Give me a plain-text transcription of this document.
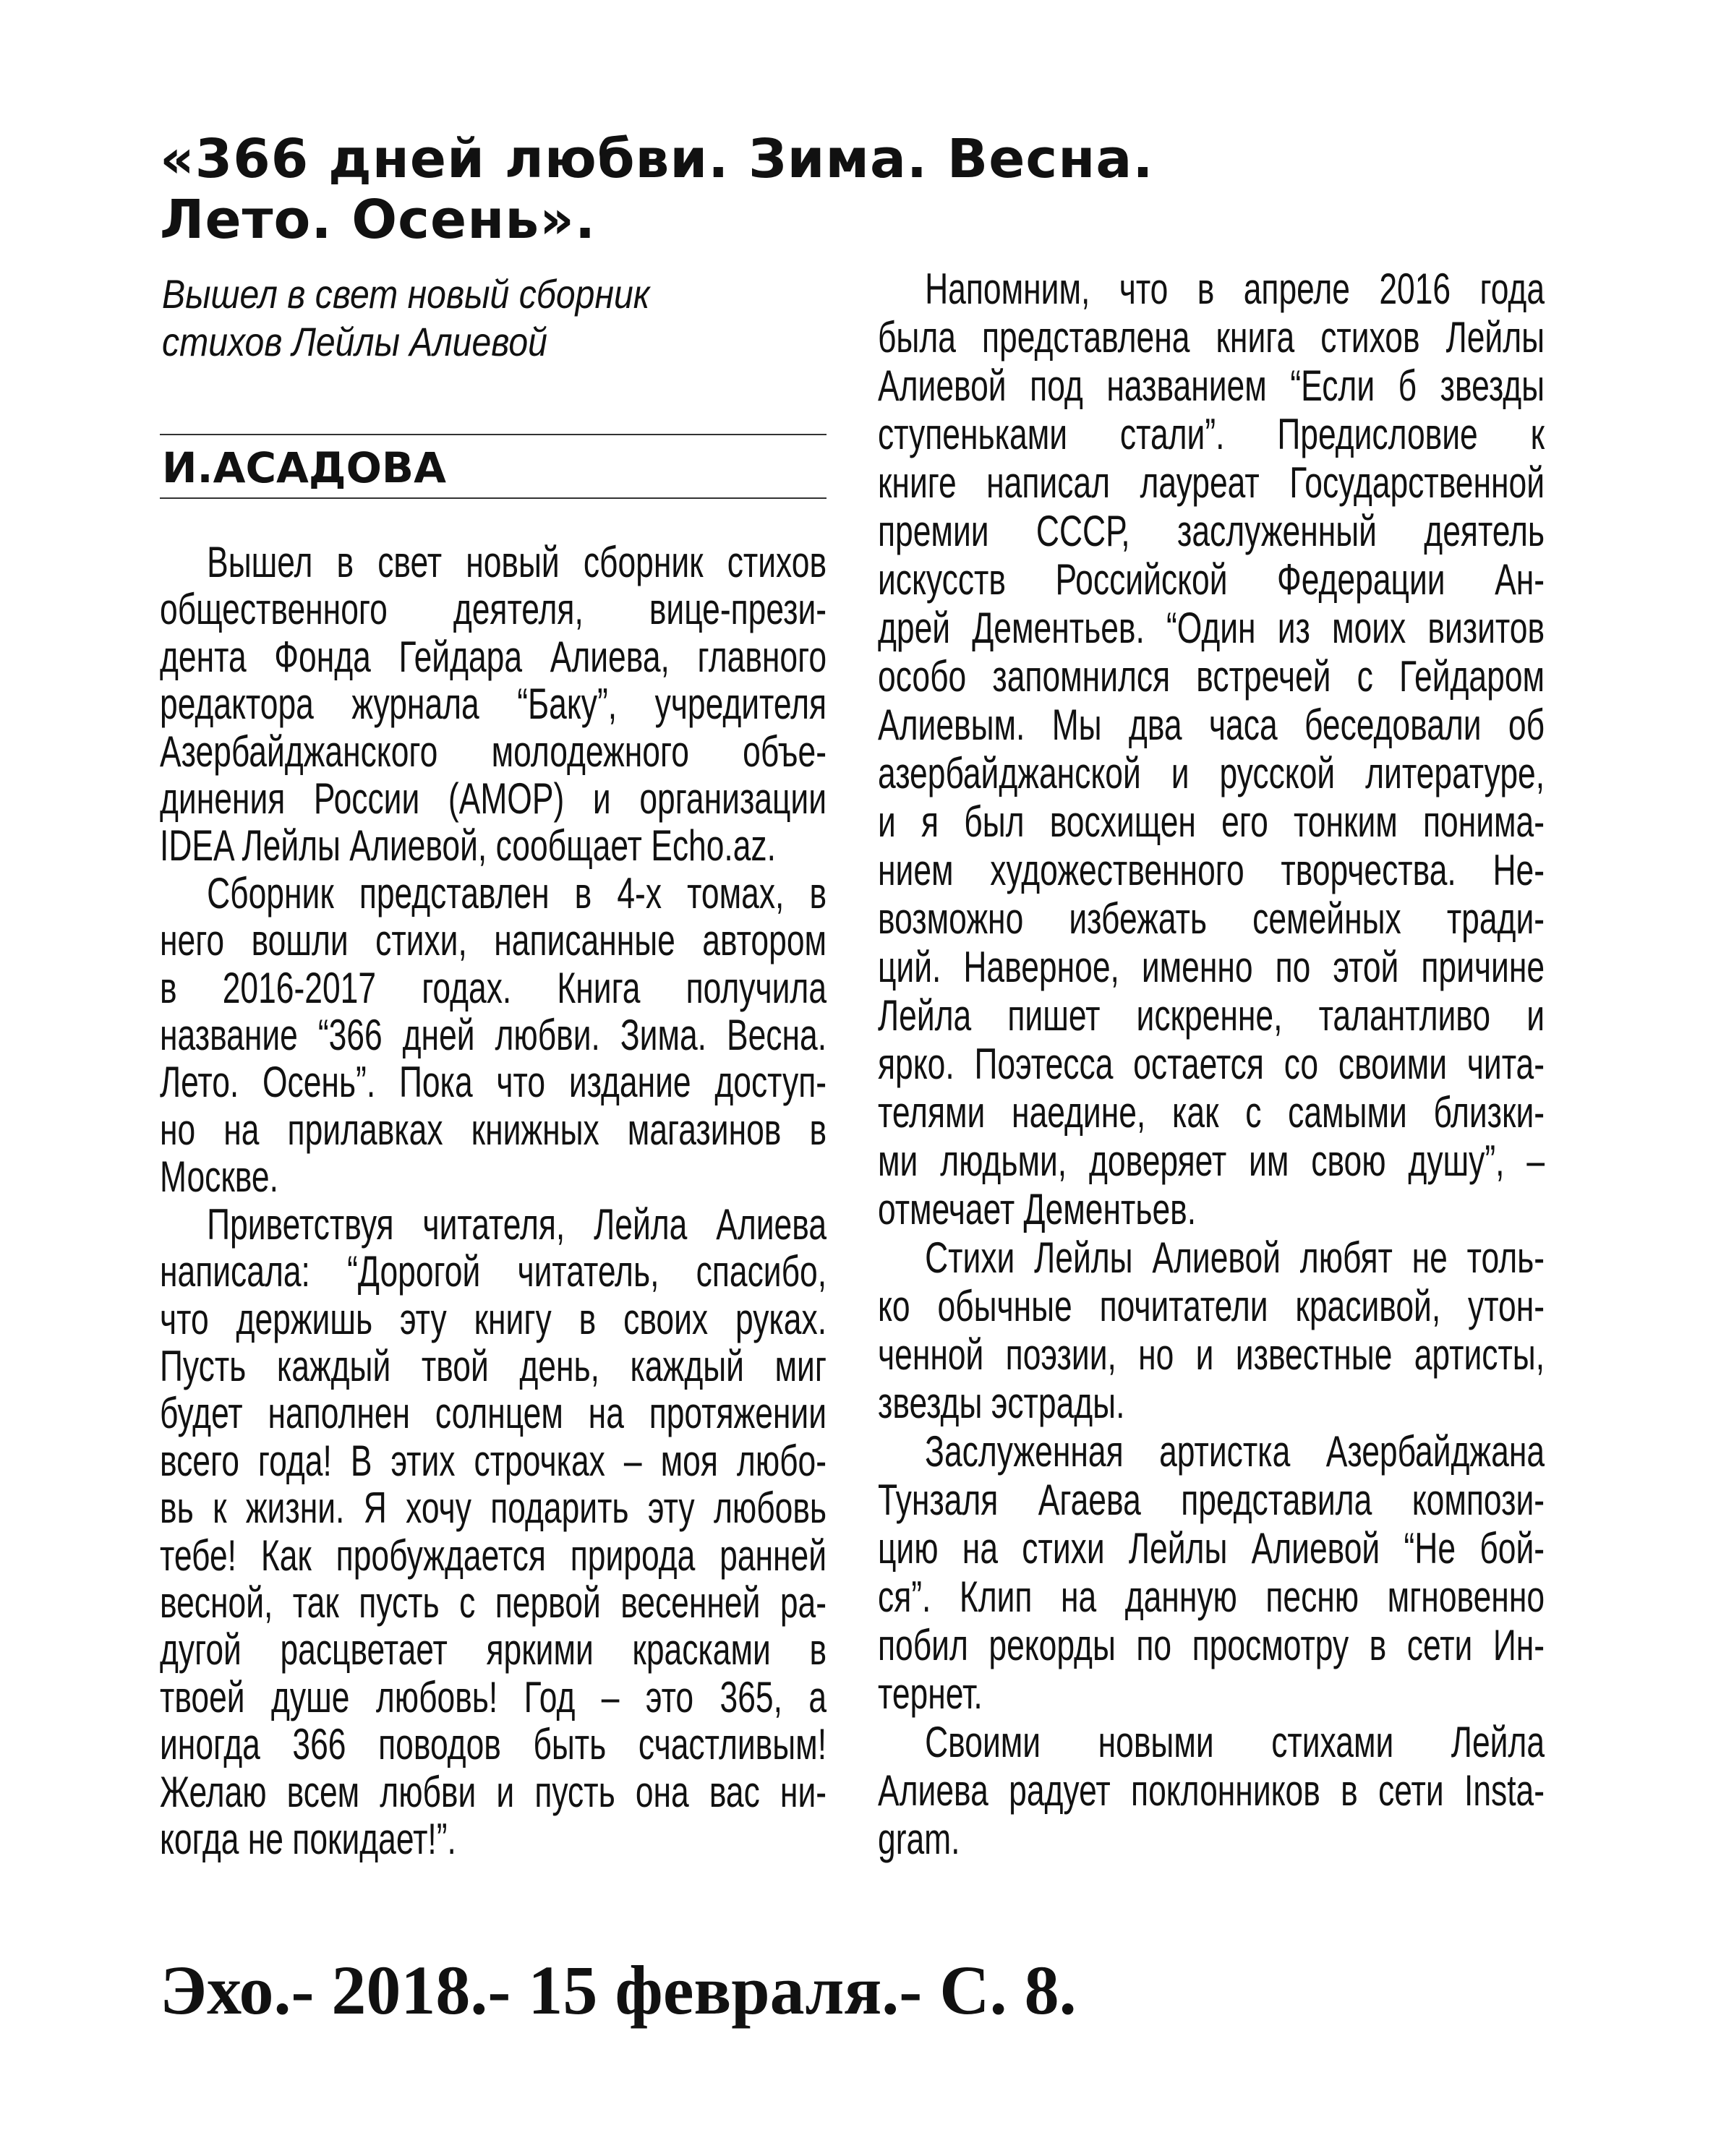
«366 дней любви. Зима. Весна.
Лето. Осень».
Вышел в свет новый сборник
стихов Лейлы Алиевой
И.АСАДОВА
Вышел в свет новый сборник стихов
общественного деятеля, вице-прези-
дента Фонда Гейдара Алиева, главного
редактора журнала “Баку”, учредителя
Азербайджанского молодежного объе-
динения России (АМОР) и организации
IDEA Лейлы Алиевой, сообщает Echo.az.
Сборник представлен в 4-х томах, в
него вошли стихи, написанные автором
в 2016-2017 годах. Книга получила
название “366 дней любви. Зима. Весна.
Лето. Осень”. Пока что издание доступ-
но на прилавках книжных магазинов в
Москве.
Приветствуя читателя, Лейла Алиева
написала: “Дорогой читатель, спасибо,
что держишь эту книгу в своих руках.
Пусть каждый твой день, каждый миг
будет наполнен солнцем на протяжении
всего года! В этих строчках – моя любо-
вь к жизни. Я хочу подарить эту любовь
тебе! Как пробуждается природа ранней
весной, так пусть с первой весенней ра-
дугой расцветает яркими красками в
твоей душе любовь! Год – это 365, а
иногда 366 поводов быть счастливым!
Желаю всем любви и пусть она вас ни-
когда не покидает!”.
Напомним, что в апреле 2016 года
была представлена книга стихов Лейлы
Алиевой под названием “Если б звезды
ступеньками стали”. Предисловие к
книге написал лауреат Государственной
премии СССР, заслуженный деятель
искусств Российской Федерации Ан-
дрей Дементьев. “Один из моих визитов
особо запомнился встречей с Гейдаром
Алиевым. Мы два часа беседовали об
азербайджанской и русской литературе,
и я был восхищен его тонким понима-
нием художественного творчества. Не-
возможно избежать семейных тради-
ций. Наверное, именно по этой причине
Лейла пишет искренне, талантливо и
ярко. Поэтесса остается со своими чита-
телями наедине, как с самыми близки-
ми людьми, доверяет им свою душу”, –
отмечает Дементьев.
Стихи Лейлы Алиевой любят не толь-
ко обычные почитатели красивой, утон-
ченной поэзии, но и известные артисты,
звезды эстрады.
Заслуженная артистка Азербайджана
Тунзаля Агаева представила компози-
цию на стихи Лейлы Алиевой “Не бой-
ся”. Клип на данную песню мгновенно
побил рекорды по просмотру в сети Ин-
тернет.
Своими новыми стихами Лейла
Алиева радует поклонников в сети Insta-
gram.
Эхо.- 2018.- 15 февраля.- С. 8.
